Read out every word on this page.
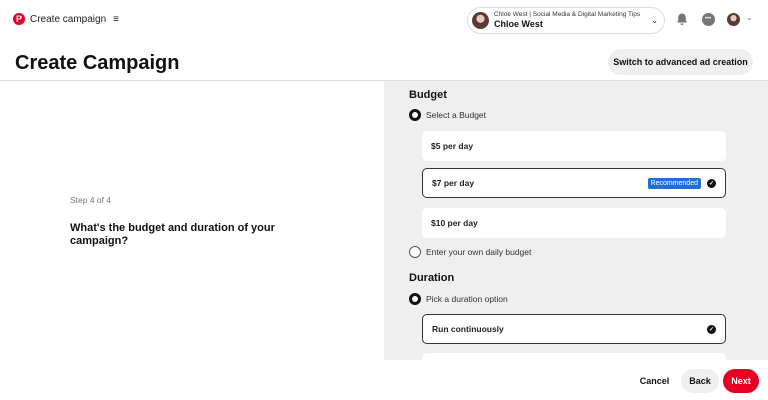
P Create campaign ≡	Chloe West | Social Media & Digital Marketing Tips
Chloe West	⌄	•••	⌄
Create Campaign	Switch to advanced ad creation
Step 4 of 4
What's the budget and duration of your campaign?
Budget
Select a Budget
$5 per day
$7 per day	Recommended	✓
$10 per day
Enter your own daily budget
Duration
Pick a duration option
Run continuously	✓
Cancel	Back	Next
